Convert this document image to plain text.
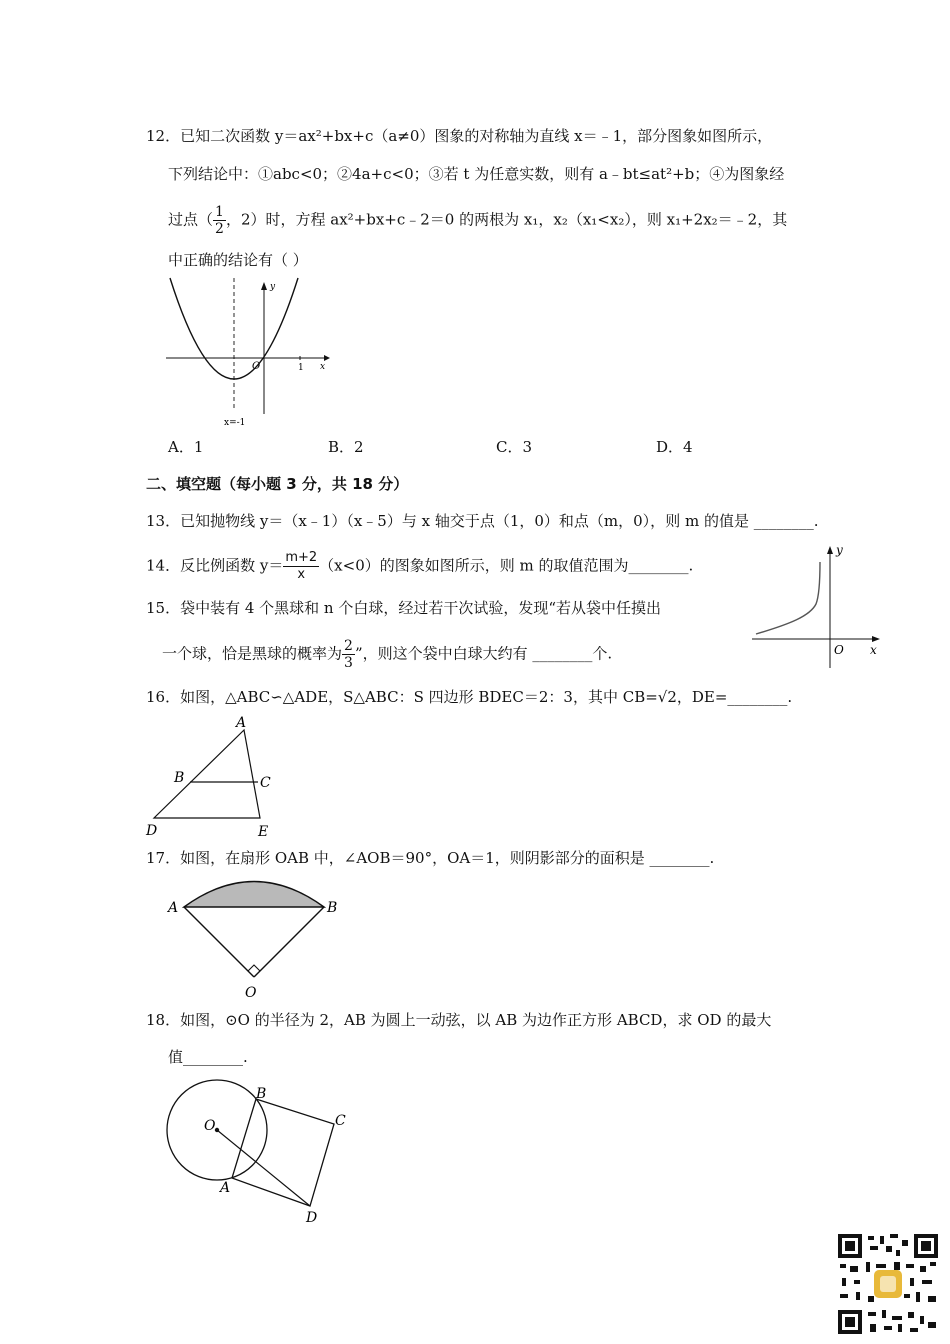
12．已知二次函数 y＝ax²+bx+c（a≠0）图象的对称轴为直线 x＝﹣1，部分图象如图所示，
下列结论中：①abc<0；②4a+c<0；③若 t 为任意实数，则有 a﹣bt≤at²+b；④为图象经
过点（ $\frac{1}{2}$ ，2）时，方程 ax²+bx+c﹣2＝0 的两根为 x₁，x₂（x₁<x₂），则 x₁+2x₂＝﹣2，其
中正确的结论有（ ）
y
x
O	1
x=-1
A．1	B．2	C．3	D．4
二、填空题（每小题 3 分，共 18 分）
13．已知抛物线 y＝（x﹣1）（x﹣5）与 x 轴交于点（1，0）和点（m，0），则 m 的值是 ________.
14．反比例函数 $y= \frac{m+2}{x} (x<0)$的图象如图所示，则 m 的取值范围为________.
y
x
O
15．袋中装有 4 个黑球和 n 个白球，经过若干次试验，发现“若从袋中任摸出
一个球，恰是黑球的概率为 $\frac{2}{3}$ ”，则这个袋中白球大约有 ________个.
16．如图，△ABC∽△ADE，S△ABC：S 四边形 BDEC＝2：3，其中 CB=√2，DE=________.
A
B	C
D	E
17．如图，在扇形 OAB 中，∠AOB＝90°，OA＝1，则阴影部分的面积是 ________.
A	B
O
18．如图，⊙O 的半径为 2，AB 为圆上一动弦，以 AB 为边作正方形 ABCD，求 OD 的最大
值________.
O
B
C
A
D
